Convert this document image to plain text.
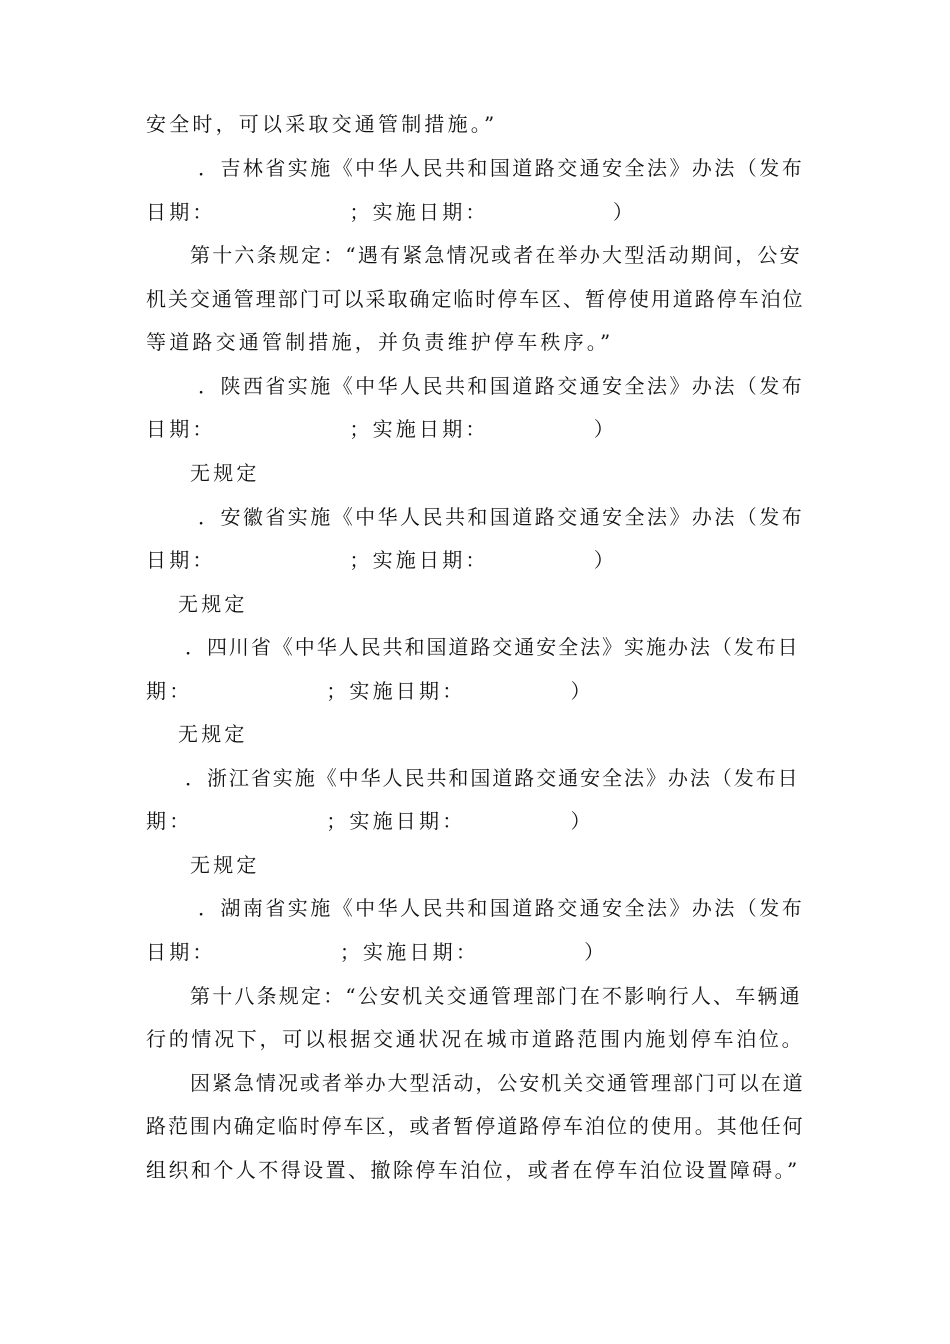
安全时，可以采取交通管制措施。”
．吉林省实施《中华人民共和国道路交通安全法》办法（发布
日期：              ；实施日期：             ）
第十六条规定：“遇有紧急情况或者在举办大型活动期间，公安
机关交通管理部门可以采取确定临时停车区、暂停使用道路停车泊位
等道路交通管制措施，并负责维护停车秩序。”
．陕西省实施《中华人民共和国道路交通安全法》办法（发布
日期：              ；实施日期：           ）
无规定
．安徽省实施《中华人民共和国道路交通安全法》办法（发布
日期：              ；实施日期：           ）
无规定
．四川省《中华人民共和国道路交通安全法》实施办法（发布日
期：              ；实施日期：           ）
无规定
．浙江省实施《中华人民共和国道路交通安全法》办法（发布日
期：              ；实施日期：           ）
无规定
．湖南省实施《中华人民共和国道路交通安全法》办法（发布
日期：             ；实施日期：           ）
第十八条规定：“公安机关交通管理部门在不影响行人、车辆通
行的情况下，可以根据交通状况在城市道路范围内施划停车泊位。
因紧急情况或者举办大型活动，公安机关交通管理部门可以在道
路范围内确定临时停车区，或者暂停道路停车泊位的使用。其他任何
组织和个人不得设置、撤除停车泊位，或者在停车泊位设置障碍。”
